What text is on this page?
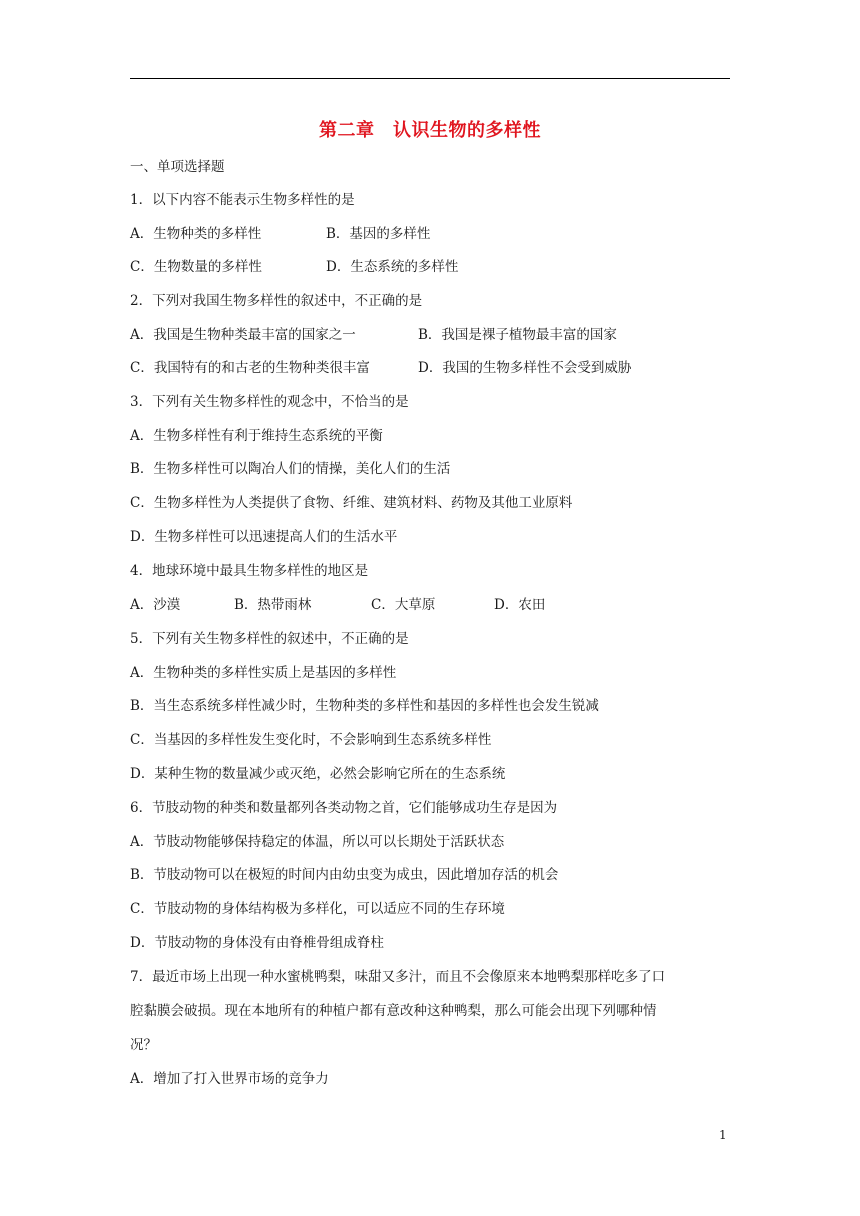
第二章　认识生物的多样性
一、单项选择题
1．以下内容不能表示生物多样性的是
A．生物种类的多样性	B．基因的多样性
C．生物数量的多样性	D．生态系统的多样性
2．下列对我国生物多样性的叙述中，不正确的是
A．我国是生物种类最丰富的国家之一	B．我国是裸子植物最丰富的国家
C．我国特有的和古老的生物种类很丰富	D．我国的生物多样性不会受到威胁
3．下列有关生物多样性的观念中，不恰当的是
A．生物多样性有利于维持生态系统的平衡
B．生物多样性可以陶冶人们的情操，美化人们的生活
C．生物多样性为人类提供了食物、纤维、建筑材料、药物及其他工业原料
D．生物多样性可以迅速提高人们的生活水平
4．地球环境中最具生物多样性的地区是
A．沙漠	B．热带雨林	C．大草原	D．农田
5．下列有关生物多样性的叙述中，不正确的是
A．生物种类的多样性实质上是基因的多样性
B．当生态系统多样性减少时，生物种类的多样性和基因的多样性也会发生锐减
C．当基因的多样性发生变化时，不会影响到生态系统多样性
D．某种生物的数量减少或灭绝，必然会影响它所在的生态系统
6．节肢动物的种类和数量都列各类动物之首，它们能够成功生存是因为
A．节肢动物能够保持稳定的体温，所以可以长期处于活跃状态
B．节肢动物可以在极短的时间内由幼虫变为成虫，因此增加存活的机会
C．节肢动物的身体结构极为多样化，可以适应不同的生存环境
D．节肢动物的身体没有由脊椎骨组成脊柱
7．最近市场上出现一种水蜜桃鸭梨，味甜又多汁，而且不会像原来本地鸭梨那样吃多了口
腔黏膜会破损。现在本地所有的种植户都有意改种这种鸭梨，那么可能会出现下列哪种情
况？
A．增加了打入世界市场的竞争力
1
